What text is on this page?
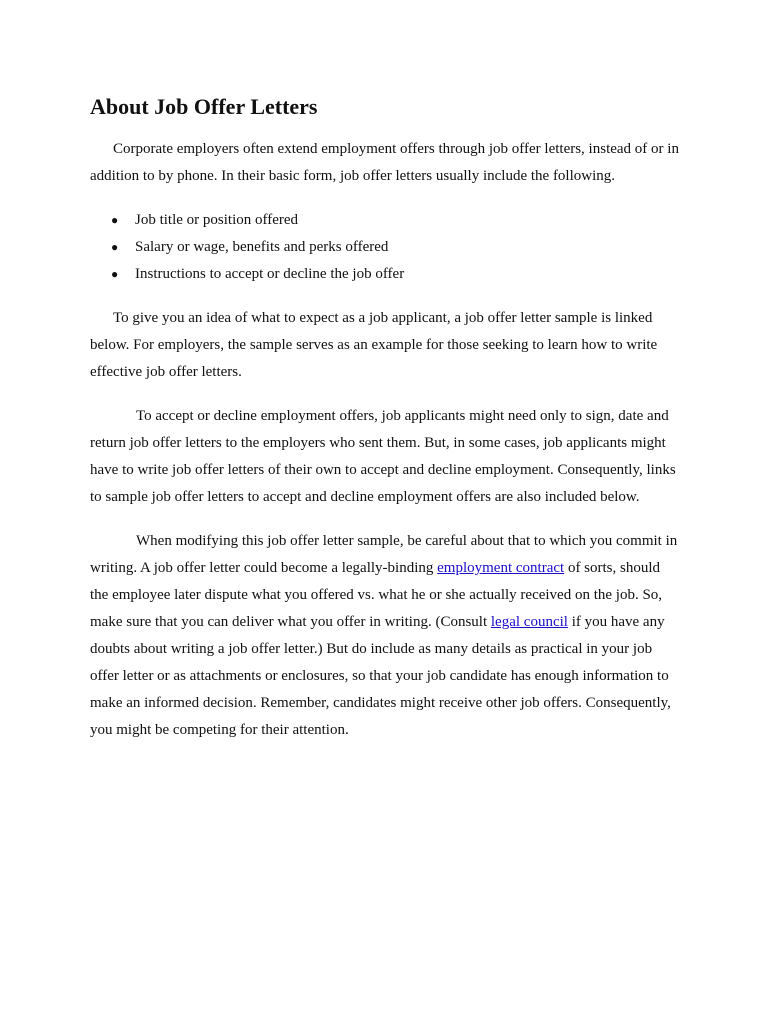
About Job Offer Letters

Corporate employers often extend employment offers through job offer letters, instead of or in addition to by phone. In their basic form, job offer letters usually include the following.

● Job title or position offered
● Salary or wage, benefits and perks offered
● Instructions to accept or decline the job offer

To give you an idea of what to expect as a job applicant, a job offer letter sample is linked below. For employers, the sample serves as an example for those seeking to learn how to write effective job offer letters.

To accept or decline employment offers, job applicants might need only to sign, date and return job offer letters to the employers who sent them. But, in some cases, job applicants might have to write job offer letters of their own to accept and decline employment. Consequently, links to sample job offer letters to accept and decline employment offers are also included below.

When modifying this job offer letter sample, be careful about that to which you commit in writing. A job offer letter could become a legally-binding employment contract of sorts, should the employee later dispute what you offered vs. what he or she actually received on the job. So, make sure that you can deliver what you offer in writing. (Consult legal council if you have any doubts about writing a job offer letter.) But do include as many details as practical in your job offer letter or as attachments or enclosures, so that your job candidate has enough information to make an informed decision. Remember, candidates might receive other job offers. Consequently, you might be competing for their attention.
